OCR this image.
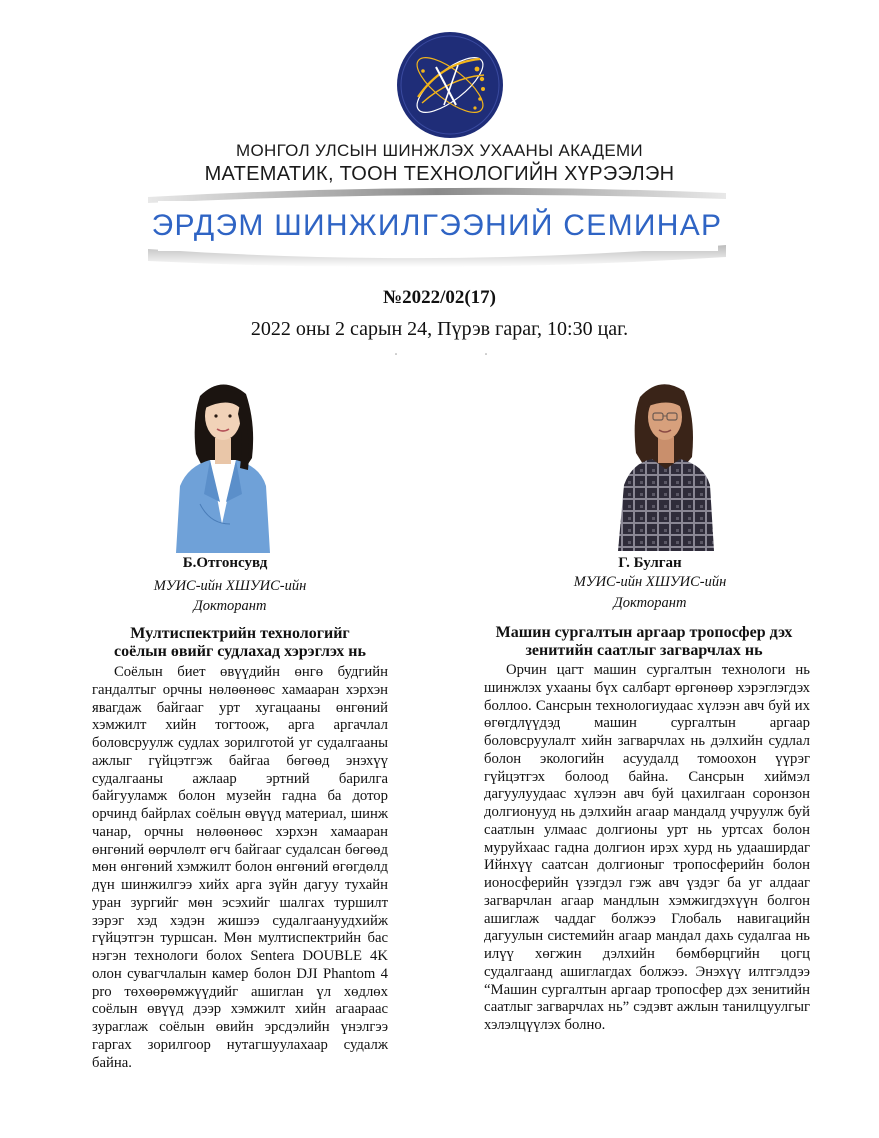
МОНГОЛ УЛСЫН ШИНЖЛЭХ УХААНЫ АКАДЕМИ
МАТЕМАТИК, ТООН ТЕХНОЛОГИЙН ХҮРЭЭЛЭН
ЭРДЭМ ШИНЖИЛГЭЭНИЙ СЕМИНАР
№2022/02(17)
2022 оны 2 сарын 24, Пүрэв гараг, 10:30 цаг.
Б.Отгонсувд
МУИС-ийн ХШУИС-ийн
Докторант
Мултиспектрийн технологийг
соёлын өвийг судлахад хэрэглэх нь

Соёлын биет өвүүдийн өнгө будгийн гандалтыг орчны нөлөөнөөс хамааран хэрхэн явагдаж байгааг урт хугацааны өнгөний хэмжилт хийн тогтоож, арга аргачлал боловсруулж судлах зорилготой уг судалгааны ажлыг гүйцэтгэж байгаа бөгөөд энэхүү судалгааны ажлаар эртний барилга байгууламж болон музейн гадна ба дотор орчинд байрлах соёлын өвүүд материал, шинж чанар, орчны нөлөөнөөс хэрхэн хамааран өнгөний өөрчлөлт өгч байгааг судалсан бөгөөд мөн өнгөний хэмжилт болон өнгөний өгөгдөлд дүн шинжилгээ хийх арга зүйн дагуу тухайн уран зургийг мөн эсэхийг шалгах туршилт зэрэг хэд хэдэн жишээ судалгаануудхийж гүйцэтгэн туршсан. Мөн мултиспектрийн бас нэгэн технологи болох Sentera DOUBLE 4K олон сувагчлалын камер болон DJI Phantom 4 pro төхөөрөмжүүдийг ашиглан үл хөдлөх соёлын өвүүд дээр хэмжилт хийн агаараас зураглаж соёлын өвийн эрсдэлийн үнэлгээ гаргах зорилгоор нутагшуулахаар судалж байна.

Г. Булган
МУИС-ийн ХШУИС-ийн
Докторант
Машин сургалтын аргаар тропосфер дэх
зенитийн саатлыг загварчлах нь

Орчин цагт машин сургалтын технологи нь шинжлэх ухааны бүх салбарт өргөнөөр хэрэглэгдэх боллоо. Сансрын технологиудаас хүлээн авч буй их өгөгдлүүдэд машин сургалтын аргаар боловсруулалт хийн загварчлах нь дэлхийн судлал болон экологийн асуудалд томоохон үүрэг гүйцэтгэх болоод байна. Сансрын хиймэл дагуулуудаас хүлээн авч буй цахилгаан соронзон долгионууд нь дэлхийн агаар мандалд учруулж буй саатлын улмаас долгионы урт нь уртсах болон муруйхаас гадна долгион ирэх хурд нь удааширдаг Ийнхүү саатсан долгионыг тропосферийн болон ионосферийн үзэгдэл гэж авч үздэг ба уг алдааг загварчлан агаар мандлын хэмжигдэхүүн болгон ашиглаж чаддаг болжээ Глобаль навигацийн дагуулын системийн агаар мандал дахь судалгаа нь илүү хөгжин дэлхийн бөмбөрцгийн цогц судалгаанд ашиглагдах болжээ. Энэхүү илтгэлдээ “Машин сургалтын аргаар тропосфер дэх зенитийн саатлыг загварчлах нь” сэдэвт ажлын танилцуулгыг хэлэлцүүлэх болно.
